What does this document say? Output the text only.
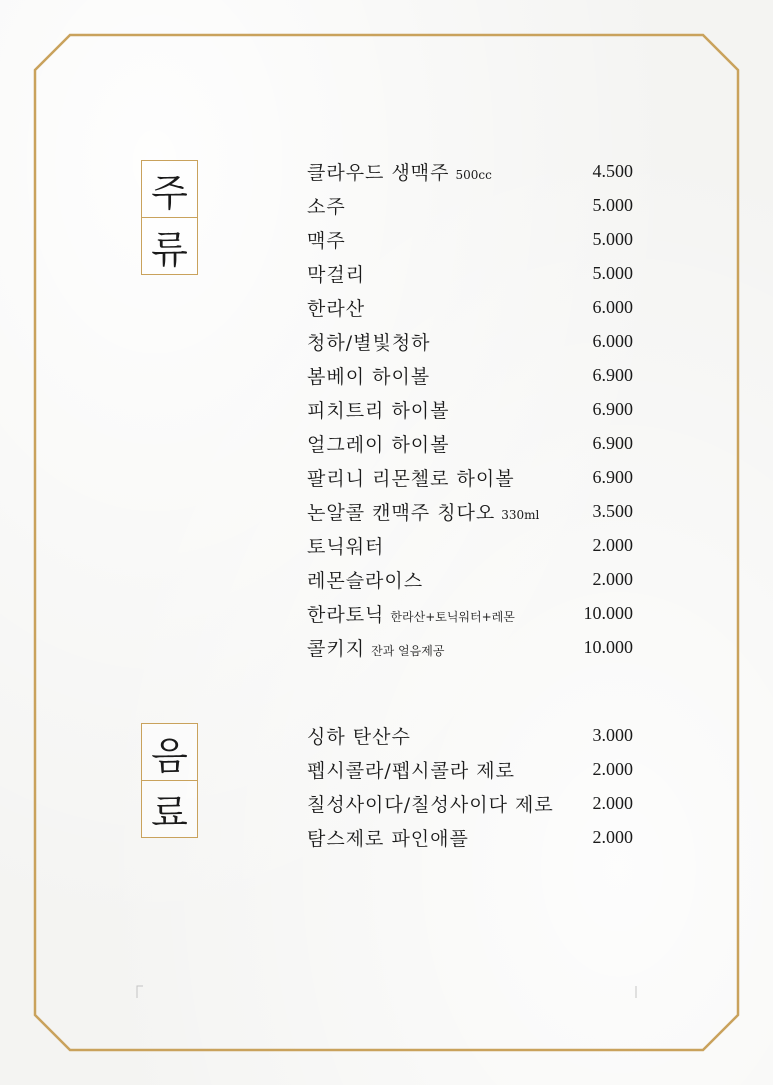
주
류
클라우드 생맥주 500cc	4.500
소주	5.000
맥주	5.000
막걸리	5.000
한라산	6.000
청하/별빛청하	6.000
봄베이 하이볼	6.900
피치트리 하이볼	6.900
얼그레이 하이볼	6.900
팔리니 리몬첼로 하이볼	6.900
논알콜 캔맥주 칭다오 330ml	3.500
토닉워터	2.000
레몬슬라이스	2.000
한라토닉 한라산+토닉워터+레몬	10.000
콜키지 잔과 얼음제공	10.000
음
료
싱하 탄산수	3.000
펩시콜라/펩시콜라 제로	2.000
칠성사이다/칠성사이다 제로 2.000
탐스제로 파인애플	2.000
